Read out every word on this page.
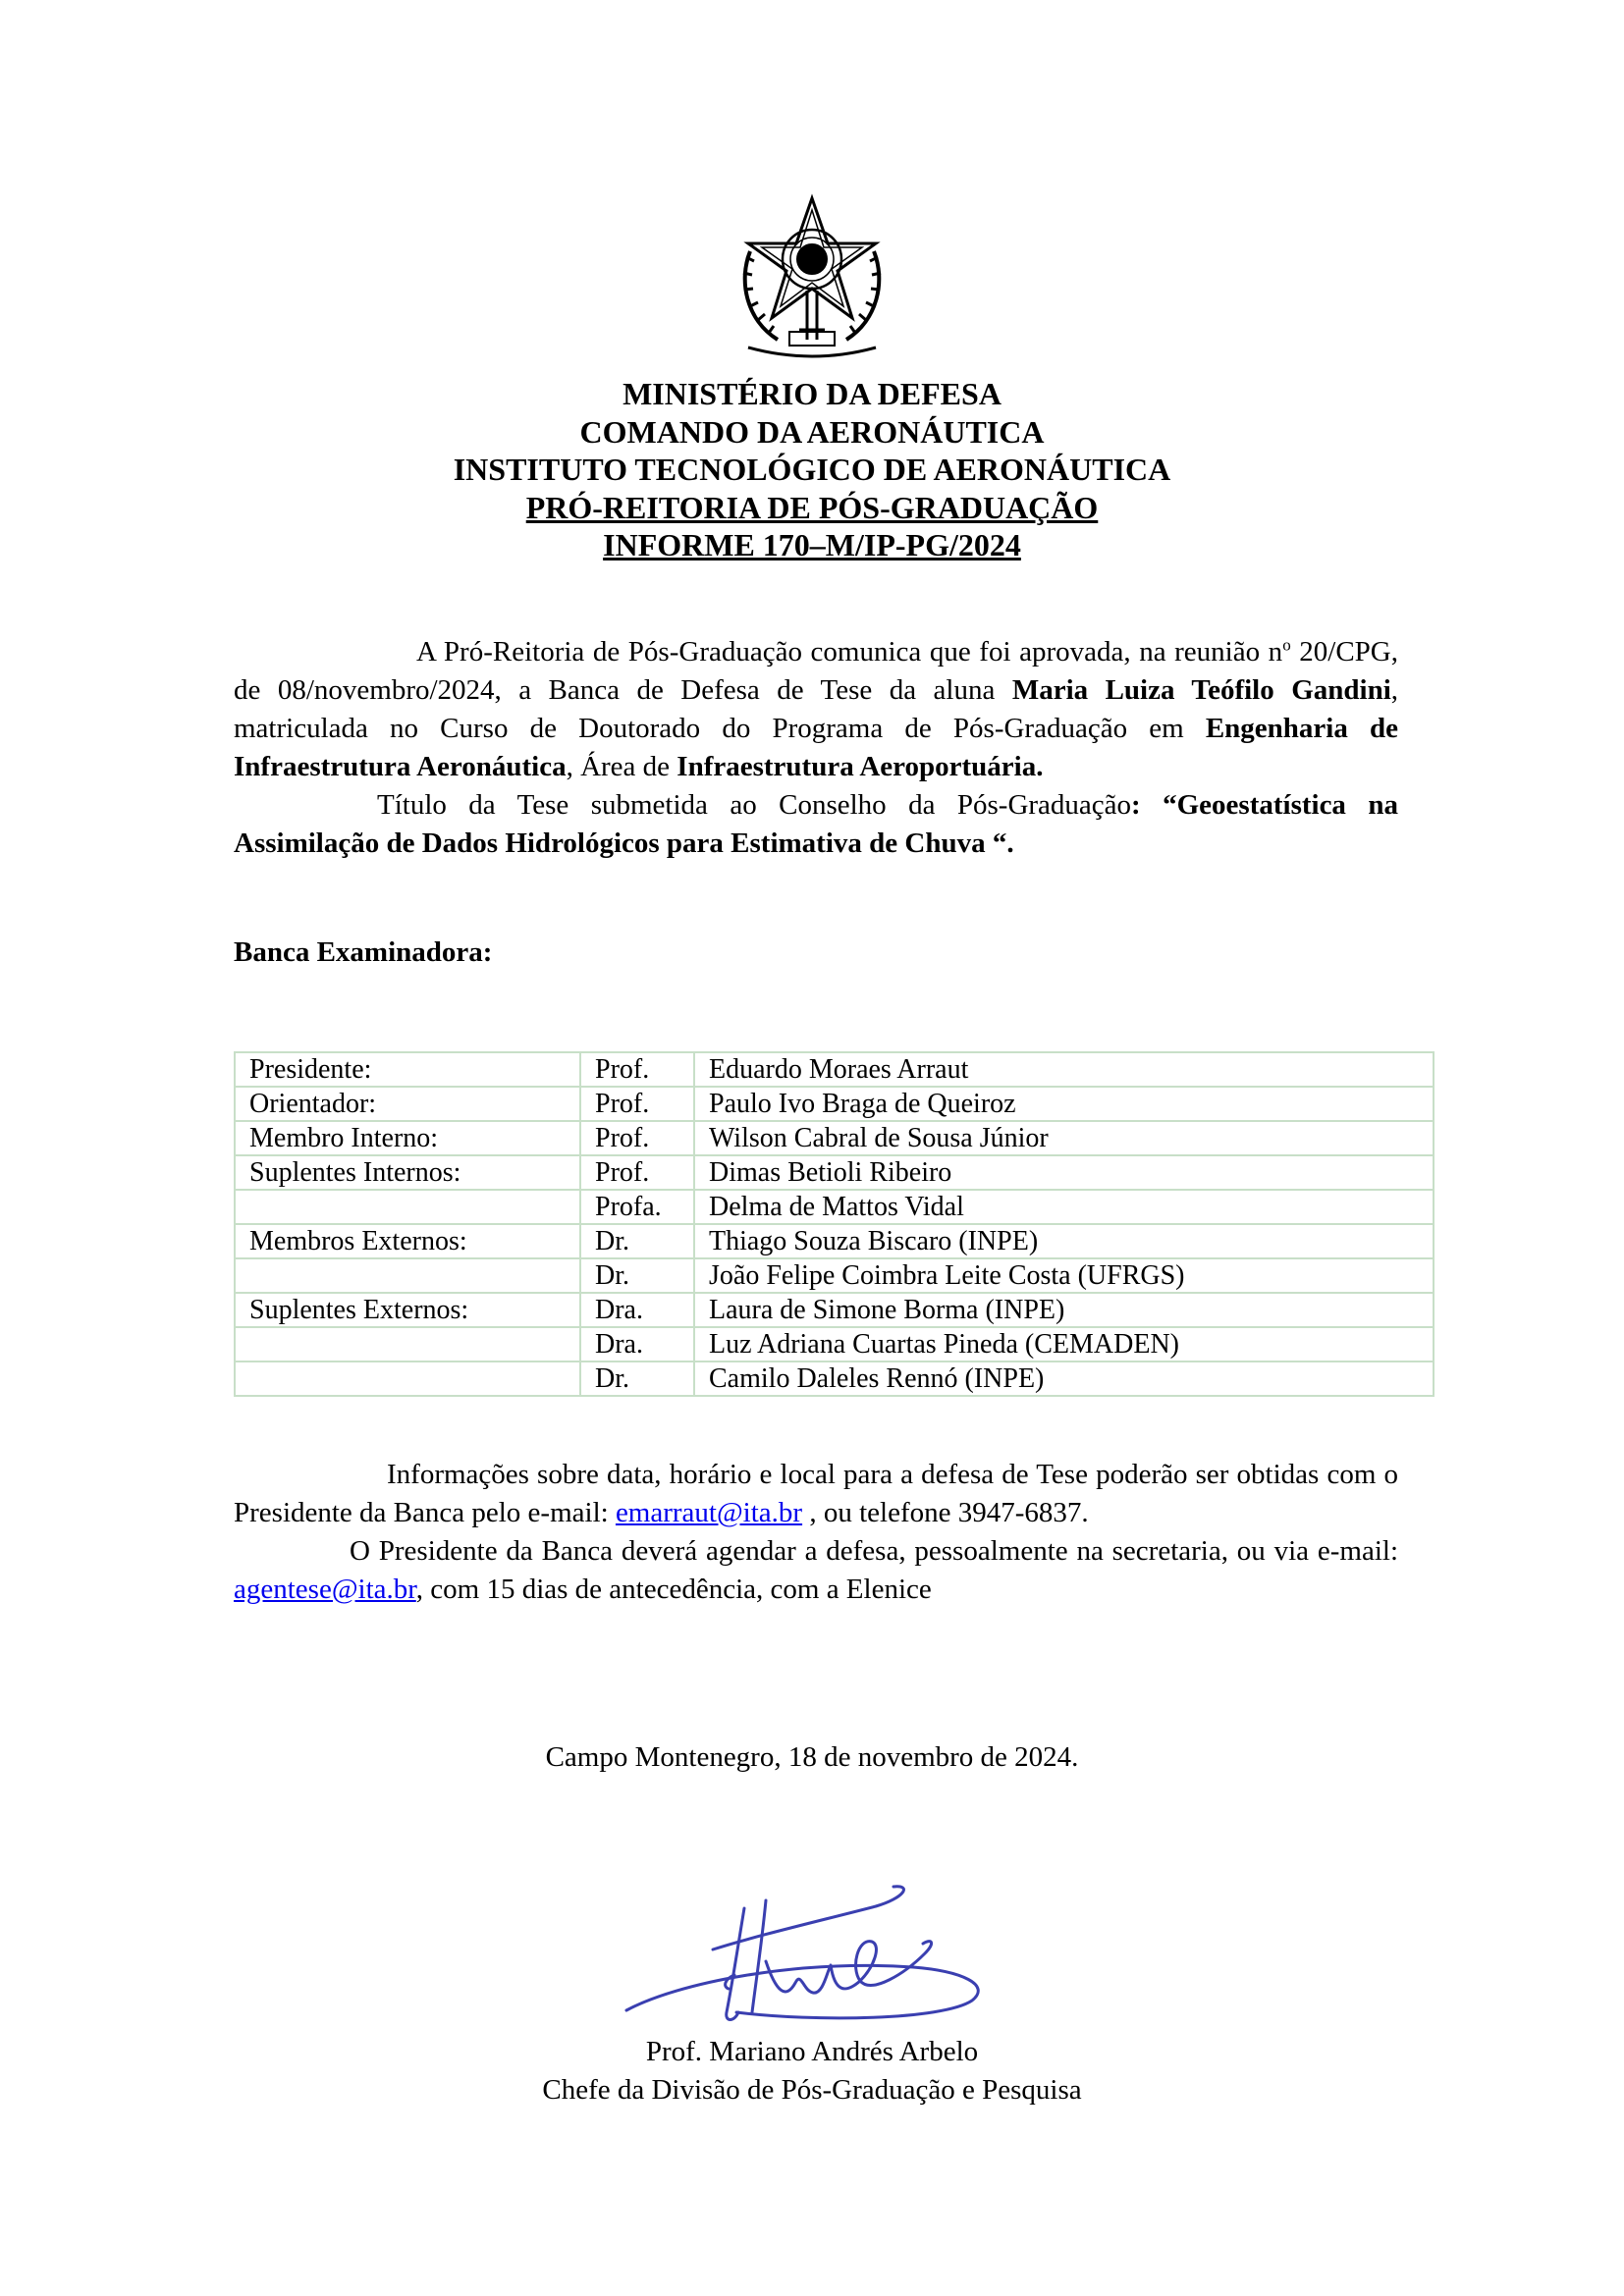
MINISTÉRIO DA DEFESA
COMANDO DA AERONÁUTICA
INSTITUTO TECNOLÓGICO DE AERONÁUTICA
PRÓ-REITORIA DE PÓS-GRADUAÇÃO
INFORME 170–M/IP-PG/2024
A Pró-Reitoria de Pós-Graduação comunica que foi aprovada, na reunião $n^o$ 20/CPG, de 08/novembro/2024, a Banca de Defesa de Tese da aluna Maria Luiza Teófilo Gandini, matriculada no Curso de Doutorado do Programa de Pós-Graduação em Engenharia de Infraestrutura Aeronáutica, Área de Infraestrutura Aeroportuária.
Título da Tese submetida ao Conselho da Pós-Graduação: “Geoestatística na Assimilação de Dados Hidrológicos para Estimativa de Chuva “.
Banca Examinadora:
Presidente:	Prof.	Eduardo Moraes Arraut
Orientador:	Prof.	Paulo Ivo Braga de Queiroz
Membro Interno:	Prof.	Wilson Cabral de Sousa Júnior
Suplentes Internos:	Prof.	Dimas Betioli Ribeiro
	Profa.	Delma de Mattos Vidal
Membros Externos:	Dr.	Thiago Souza Biscaro (INPE)
	Dr.	João Felipe Coimbra Leite Costa (UFRGS)
Suplentes Externos:	Dra.	Laura de Simone Borma (INPE)
	Dra.	Luz Adriana Cuartas Pineda (CEMADEN)
	Dr.	Camilo Daleles Rennó (INPE)
Informações sobre data, horário e local para a defesa de Tese poderão ser obtidas com o Presidente da Banca pelo e-mail: emarraut@ita.br , ou telefone 3947-6837.
O Presidente da Banca deverá agendar a defesa, pessoalmente na secretaria, ou via e-mail: agentese@ita.br, com 15 dias de antecedência, com a Elenice
Campo Montenegro, 18 de novembro de 2024.
Prof. Mariano Andrés Arbelo
Chefe da Divisão de Pós-Graduação e Pesquisa
